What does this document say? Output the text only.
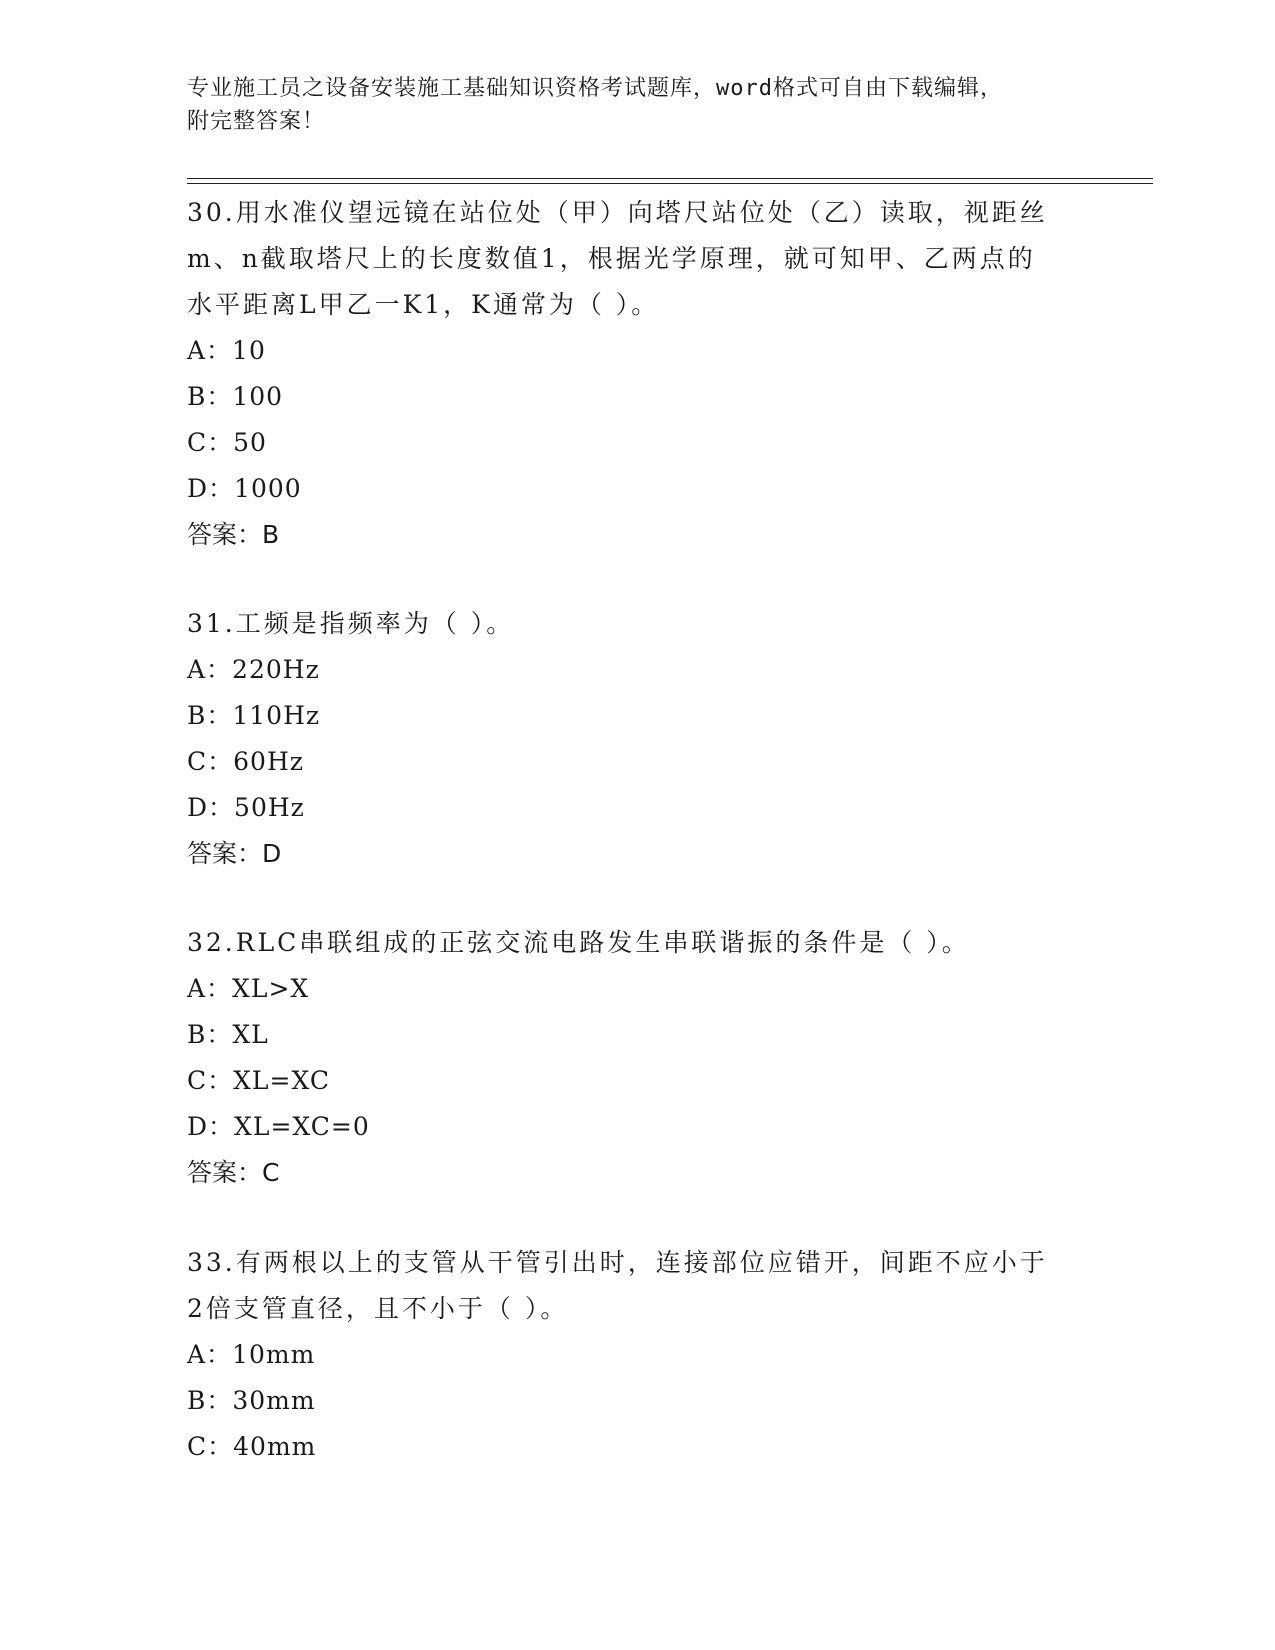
专业施工员之设备安装施工基础知识资格考试题库，word格式可自由下载编辑，
附完整答案！

30.用水准仪望远镜在站位处（甲）向塔尺站位处（乙）读取，视距丝

m、n截取塔尺上的长度数值1，根据光学原理，就可知甲、乙两点的

水平距离L甲乙一K1，K通常为（ ）。

A：10

B：100

C：50

D：1000

答案：B

31.工频是指频率为（ ）。

A：220Hz

B：110Hz

C：60Hz

D：50Hz

答案：D

32.RLC串联组成的正弦交流电路发生串联谐振的条件是（ ）。

A：XL>X

B：XL

C：XL=XC

D：XL=XC=0

答案：C

33.有两根以上的支管从干管引出时，连接部位应错开，间距不应小于

2倍支管直径，且不小于（ ）。

A：10mm

B：30mm

C：40mm
